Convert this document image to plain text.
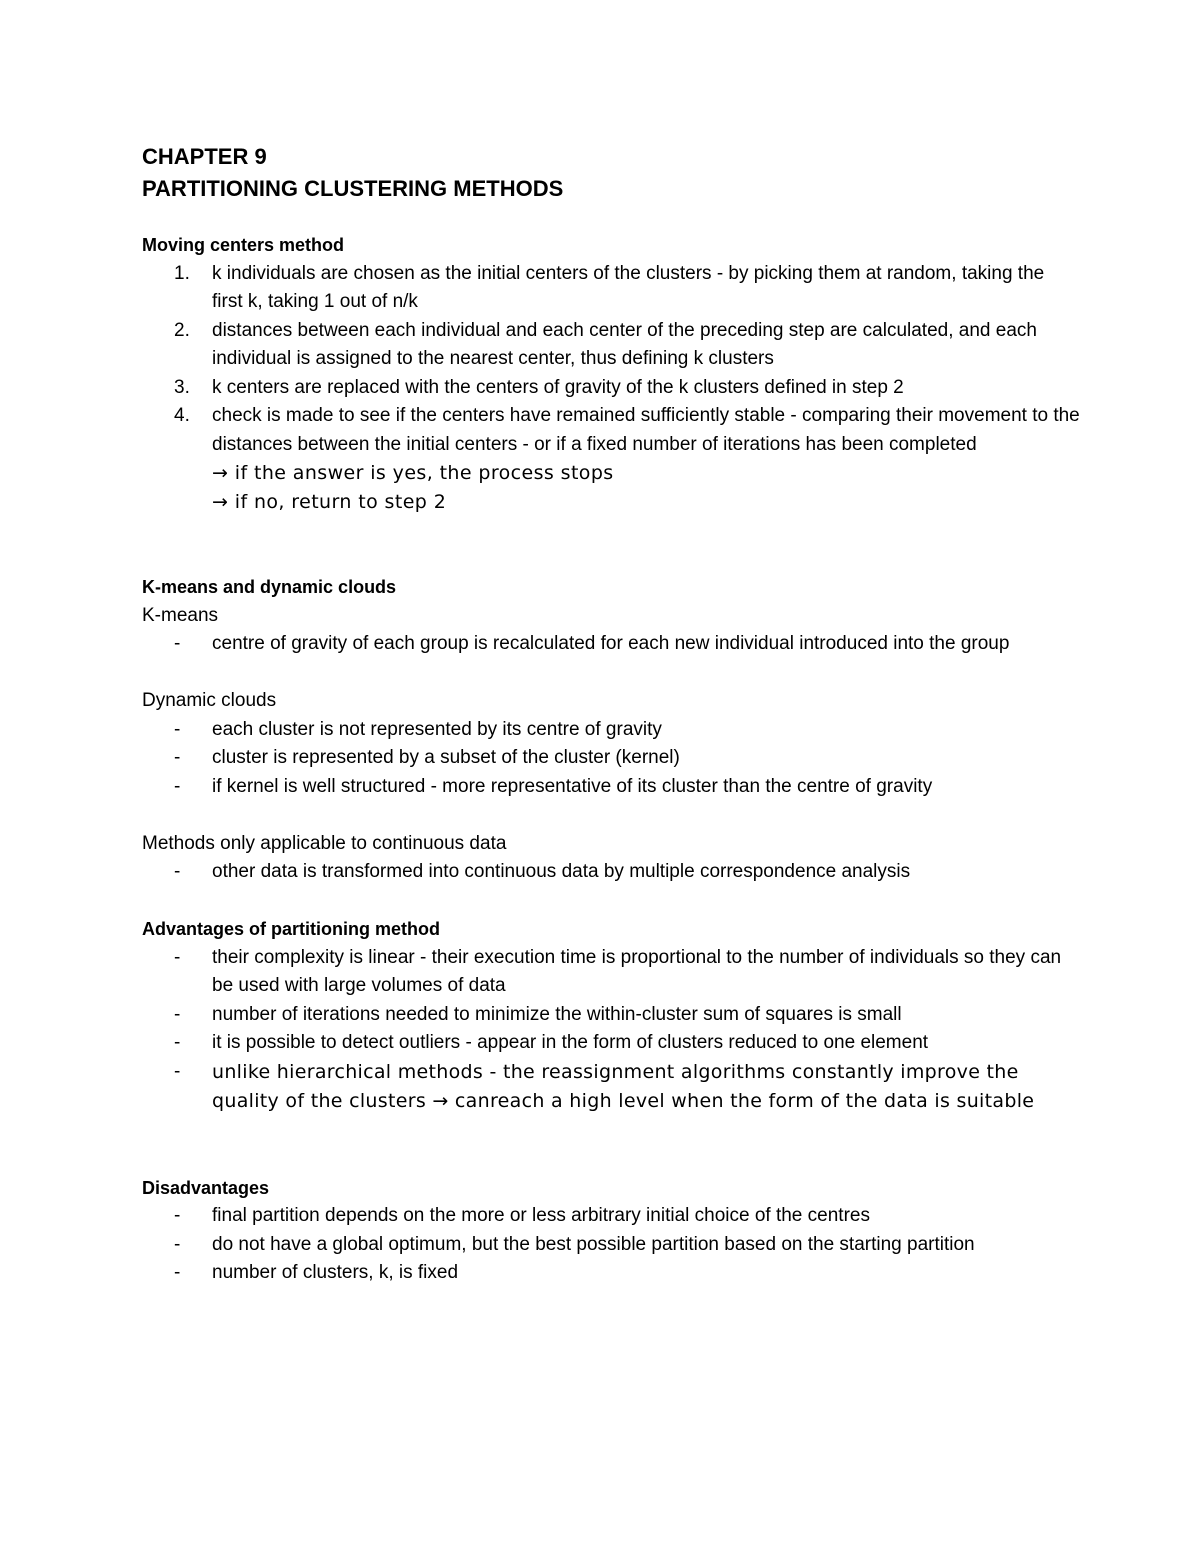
CHAPTER 9
PARTITIONING CLUSTERING METHODS
Moving centers method
1. k individuals are chosen as the initial centers of the clusters - by picking them at random, taking the first k, taking 1 out of n/k
2. distances between each individual and each center of the preceding step are calculated, and each individual is assigned to the nearest center, thus defining k clusters
3. k centers are replaced with the centers of gravity of the k clusters defined in step 2
4. check is made to see if the centers have remained sufficiently stable - comparing their movement to the distances between the initial centers - or if a fixed number of iterations has been completed
→ if the answer is yes, the process stops
→ if no, return to step 2
K-means and dynamic clouds

K-means

- centre of gravity of each group is recalculated for each new individual introduced into the group

Dynamic clouds

- each cluster is not represented by its centre of gravity
- cluster is represented by a subset of the cluster (kernel)
- if kernel is well structured - more representative of its cluster than the centre of gravity

Methods only applicable to continuous data

- other data is transformed into continuous data by multiple correspondence analysis
Advantages of partitioning method
- their complexity is linear - their execution time is proportional to the number of individuals so they can be used with large volumes of data
- number of iterations needed to minimize the within-cluster sum of squares is small
- it is possible to detect outliers - appear in the form of clusters reduced to one element
- unlike hierarchical methods - the reassignment algorithms constantly improve the quality of the clusters → canreach a high level when the form of the data is suitable
Disadvantages
- final partition depends on the more or less arbitrary initial choice of the centres
- do not have a global optimum, but the best possible partition based on the starting partition
- number of clusters, k, is fixed
